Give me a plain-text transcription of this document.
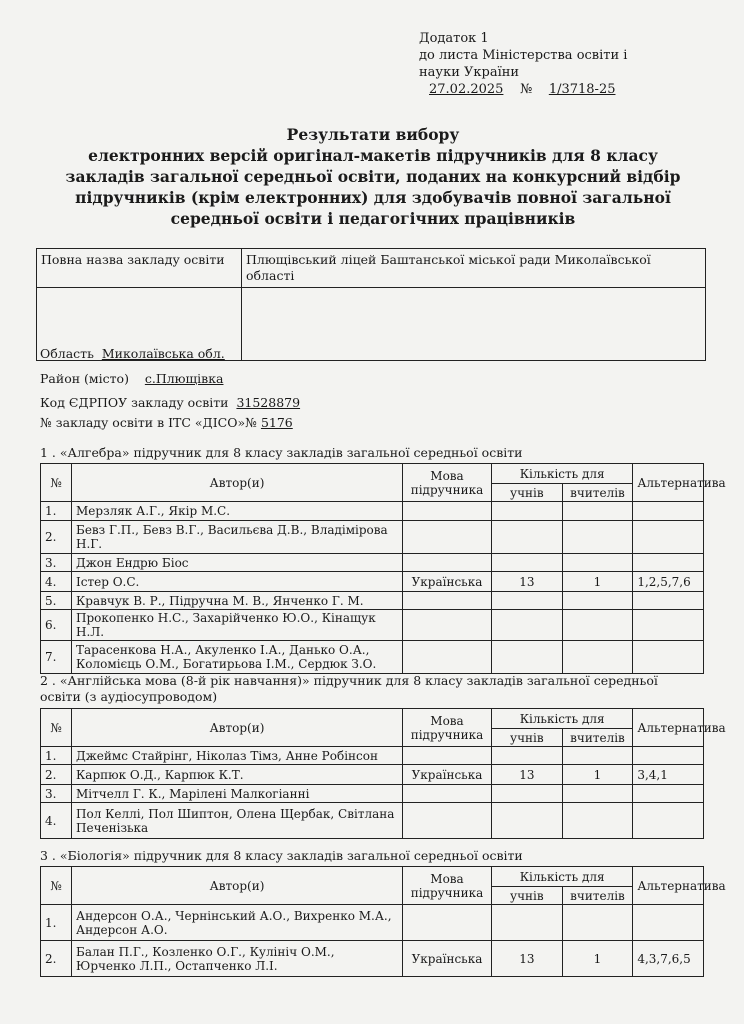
Додаток 1
до листа Міністерства освіти і
науки України
27.02.2025 № 1/3718-25
Результати вибору
електронних версій оригінал-макетів підручників для 8 класу
закладів загальної середньої освіти, поданих на конкурсний відбір
підручників (крім електронних) для здобувачів повної загальної
середньої освіти і педагогічних працівників
Повна назва закладу освіти	Плющівський ліцей Баштанської міської ради Миколаївської області

Область Миколаївська обл.
Район (місто) с.Плющівка
Код ЄДРПОУ закладу освіти 31528879
№ закладу освіти в ІТС «ДІСО»№ 5176
1 . «Алгебра» підручник для 8 класу закладів загальної середньої освіти
№	Автор(и)	Мова підручника	Кількість для		Альтернатива
			учнів	вчителів	
1.	Мерзляк А.Г., Якір М.С.				
2.	Бевз Г.П., Бевз В.Г., Васильєва Д.В., Владімірова Н.Г.				
3.	Джон Ендрю Біос				
4.	Істер О.С.	Українська	13	1	1,2,5,7,6
5.	Кравчук В. Р., Підручна М. В., Янченко Г. М.				
6.	Прокопенко Н.С., Захарійченко Ю.О., Кінащук Н.Л.				
7.	Тарасенкова Н.А., Акуленко І.А., Данько О.А., Коломієць О.М., Богатирьова І.М., Сердюк З.О.				
2 . «Англійська мова (8-й рік навчання)» підручник для 8 класу закладів загальної середньої освіти (з аудіосупроводом)
№	Автор(и)	Мова підручника	Кількість для		Альтернатива
			учнів	вчителів	
1.	Джеймс Стайрінг, Ніколаз Тімз, Анне Робінсон				
2.	Карпюк О.Д., Карпюк К.Т.	Українська	13	1	3,4,1
3.	Мітчелл Г. К., Марілені Малкогіанні				
4.	Пол Келлі, Пол Шиптон, Олена Щербак, Світлана Печенізька				
3 . «Біологія» підручник для 8 класу закладів загальної середньої освіти
№	Автор(и)	Мова підручника	Кількість для		Альтернатива
			учнів	вчителів	
1.	Андерсон О.А., Чернінський А.О., Вихренко М.А., Андерсон А.О.				
2.	Балан П.Г., Козленко О.Г., Кулініч О.М., Юрченко Л.П., Остапченко Л.І.	Українська	13	1	4,3,7,6,5
